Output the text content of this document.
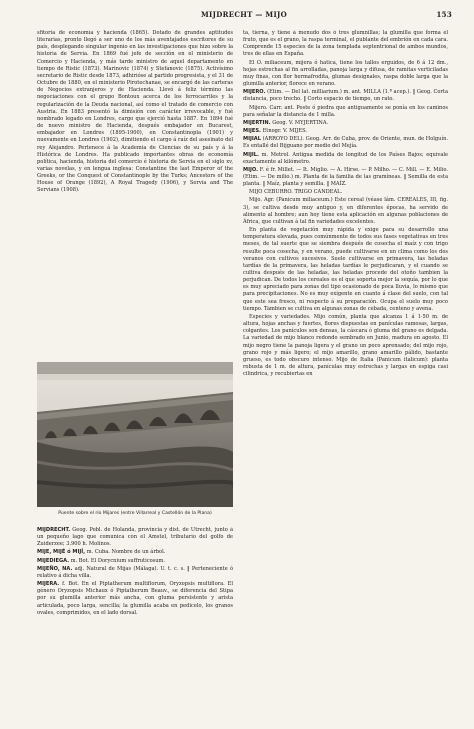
MIJDRECHT — MIJO	153

sfitoria de economía y hacienda (1865). Dotado de grandes aptitudes literarias, pronto llegó a ser uno de los más aventajados escritores de su país, desplegando singular ingenio en las investigaciones que hizo sobre la historia de Servia. En 1869 fué jefe de sección en el ministerio de Comercio y Hacienda, y más tarde ministro de aquel departamento en tiempo de Ristic (1873). Marinovic (1874) y Stefanovic (1875). Activísimo secretario de Ristic desde 1873, adhirióse al partido progresista, y el 31 de Octubre de 1880, en el ministerio Pirotechanae, se encargó de las carteras de Negocios extranjeros y de Hacienda. Llevó á feliz término las negociaciones con el grupo Bontoux acerca de los ferrocarriles y la regularización de la Deuda nacional, así como el tratado de comercio con Austria. En 1883 presentó la dimisión con carácter irrevocable, y fué nombrado legado en Londres, cargo que ejerció hasta 1887. En 1894 fué de nuevo ministro de Hacienda, después embajador en Bucarest, embajador en Londres (1895-1900), en Constantinopla (1901) y nuevamente en Londres (1902), dimitiendo el cargo á raíz del asesinato del rey Alejandro. Pertenece á la Academia de Ciencias de su país y á la Histórica de Londres. Ha publicado importantes obras de economía política, hacienda, historia del comercio é historia de Servia en el siglo xv, varias novelas, y en lengua inglesa: Constantine the last Emperor of the Greeks, or the Conquest of Constantinople by the Turks; Ancestors of the House of Orange (1892), A Royal Tragedy (1906), y Servia and The Servians (1908).

Puente sobre el río Mijares (entre Villarreal y Castellón de la Plana)

MIJDRECHT. Geog. Pobl. de Holanda, provincia y dist. de Utrecht, junto á un pequeño lago que comunica con el Amstel, tributario del golfo de Zuiderzee; 3.900 h. Molinos.

MIJE, MIJÉ ó MIJÍ, m. Cuba. Nombre de un árbol.

MIJEDIEGA. m. Bot. El Dorycnium suffruticosum.

MIJEÑO, NA. adj. Natural de Mijas (Málaga). U. t. c. s. ‖ Perteneciente ó relativo á dicha villa.

MIJERA. f. Bot. En el Piptatherum multiflorum, Oryzopsis multiflora. El género Oryzopsis Michaux ó Piptatherum Beauv., se diferencia del Stipa por su glumilla anterior más ancha, con gluma persistente y arista articulada, poco larga, sencilla; la glumilla acaba en pedicelo, los granos ovales, comprimidos, en el lado dorsal.

ta, tierna, y tiene á menudo dos ó tres glumnillas; la glumilla que forma el fruto, que es el grano, la raspa terminal, el publante del embrión en cada cara. Comprende 15 especies de la zona templada septentrional de ambos mundos, tres de ellas en España.

El O. miliaceum, mijera ó hatica, tiene los tallos erguidos, de 6 á 12 dm., hojas estrechas al fin arrolladas, panoja larga y difusa, de ramitas verticiladas muy finas, con flor hermafrodita, glumas designales, raspa doble larga que la glumilla anterior, florece en verano.

MIJERO. (Etim. — Del lat. milliarium.) m. ant. MILLA (1.ª acep.). ‖ Geog. Corta distancia, poco trecho. ‖ Corto espacio de tiempo, un rato.

Mijero. Carr. ant. Poste ó piedra que antiguamente se ponía en los caminos para señalar la distancia de 1 milla.

MIJERTIN. Geog. V. MYJERTINA.

MIJES. Etnogr. V. MIJES.

MIJIAL (ARROYO DEL). Geog. Arr. de Cuba, prov. de Oriente, mun. de Holguín. Es entallé del Bijguano por medio del Mejía.

MIJIL. m. Metrol. Antigua medida de longitud de los Países Bajos; equivale exactamente al kilómetro.

MIJO. F. é fr. Millet. — It. Miglio. — A. Hirse. — P. Milho. — C. Mill. — E. Milio. (Etim. — De milio.) m. Planta de la familia de las gramíneas. ‖ Semilla de esta planta. ‖ Maíz, planta y semilla. ‖ MAÍZ.

MIJO CEBURRO. TRIGO CANDEAL.

Mijo. Agr. (Panicum miliaceum.) Este cereal (véase lám. CEREALES, III, fig. 3), se cultiva desde muy antiguo y, en diferentes épocas, ha servido de alimento al hombre; aun hoy tiene esta aplicación en algunas poblaciones de África, que cultivan á tal fin variedades excelentes.

En planta de vegetación muy rápida y exige para su desarrollo una temperatura elevada, pues comúnmente de todos sus fases vegetativas en tres meses, de tal suerte que se siembra después de cosecha el maíz y con trigo resulte poca cosecha, y en verano, puede cultivarse en un clima como los dos veranos con cultivos sucesivos. Suele cultivarse en primavera, las heladas tardías de la primavera, las heladas tardías le perjudicaran, y el cuando se cultiva después de las heladas, las heladas procede del otoño tambien la perjudican. De todos los cereales es el que soporta mejor la sequía, por lo que es muy apreciado para zonas del tipo ocasionado de poca lluvia, lo mismo que para precipitaciones. No es muy exigente en cuanto á clase del suelo, con tal que este sea fresco, ni respecto á su preparación. Ocupa el suelo muy poco tiempo. Tambien se cultiva en algunas zonas de cebada, centeno y avena.

Especies y variedades. Mijo común, planta que alcanza 1 á 1·50 m. de altura, hojas anchas y fuertes, flores dispuestas en panículas ramosas, largas, colgantes. Los panículos son densas, la cáscara ó gluma del grano es delgada. La variedad de mijo blanco redondo sembrado en Junio, madura en agosto. El mijo negro tiene la panoja ligera y el grano un poco aprensado; del mijo rojo, grano rojo y más ligero; el mijo amarillo, grano amarillo pálido, bastante grueso, es todo obscuro intenso. Mijo de Italia (Panicum italicum): planta robusta de 1 m. de altura, panículas muy estrechas y largas en espiga casi cilindrica, y recubiertas en
